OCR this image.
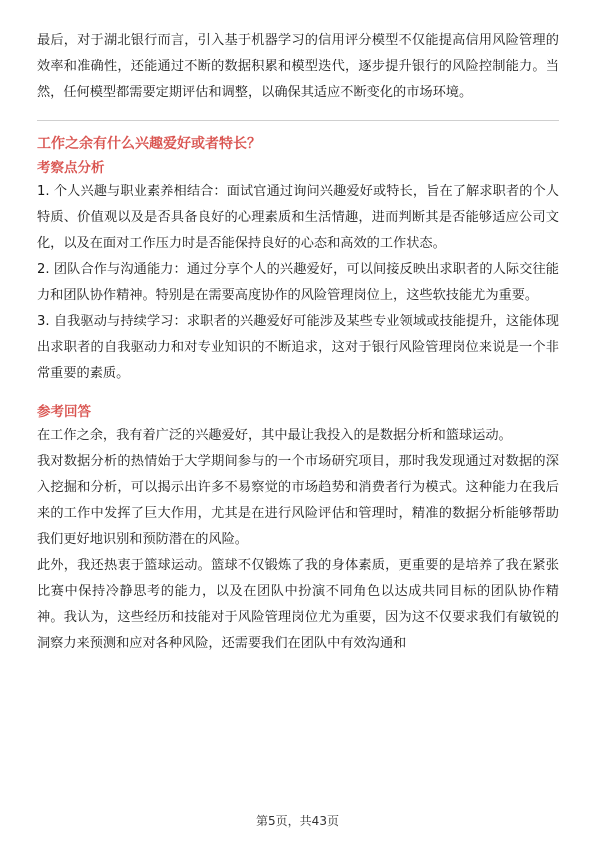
最后，对于湖北银行而言，引入基于机器学习的信用评分模型不仅能提高信用风险管理的效率和准确性，还能通过不断的数据积累和模型迭代，逐步提升银行的风险控制能力。当然，任何模型都需要定期评估和调整，以确保其适应不断变化的市场环境。

工作之余有什么兴趣爱好或者特长？

考察点分析

1. 个人兴趣与职业素养相结合：面试官通过询问兴趣爱好或特长，旨在了解求职者的个人特质、价值观以及是否具备良好的心理素质和生活情趣，进而判断其是否能够适应公司文化，以及在面对工作压力时是否能保持良好的心态和高效的工作状态。

2. 团队合作与沟通能力：通过分享个人的兴趣爱好，可以间接反映出求职者的人际交往能力和团队协作精神。特别是在需要高度协作的风险管理岗位上，这些软技能尤为重要。

3. 自我驱动与持续学习：求职者的兴趣爱好可能涉及某些专业领域或技能提升，这能体现出求职者的自我驱动力和对专业知识的不断追求，这对于银行风险管理岗位来说是一个非常重要的素质。

参考回答

在工作之余，我有着广泛的兴趣爱好，其中最让我投入的是数据分析和篮球运动。

我对数据分析的热情始于大学期间参与的一个市场研究项目，那时我发现通过对数据的深入挖掘和分析，可以揭示出许多不易察觉的市场趋势和消费者行为模式。这种能力在我后来的工作中发挥了巨大作用，尤其是在进行风险评估和管理时，精准的数据分析能够帮助我们更好地识别和预防潜在的风险。

此外，我还热衷于篮球运动。篮球不仅锻炼了我的身体素质，更重要的是培养了我在紧张比赛中保持冷静思考的能力，以及在团队中扮演不同角色以达成共同目标的团队协作精神。我认为，这些经历和技能对于风险管理岗位尤为重要，因为这不仅要求我们有敏锐的洞察力来预测和应对各种风险，还需要我们在团队中有效沟通和

第5页，共43页
